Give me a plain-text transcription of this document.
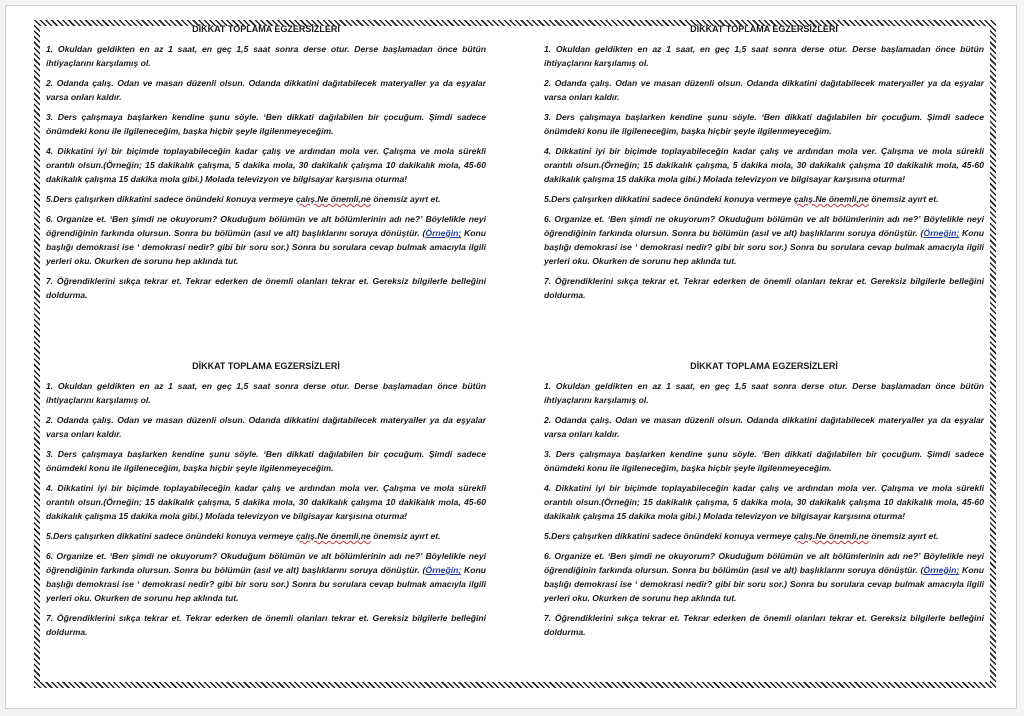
DİKKAT TOPLAMA EGZERSİZLERİ

1. Okuldan geldikten en az 1 saat, en geç 1,5 saat sonra derse otur. Derse başlamadan önce bütün ihtiyaçlarını karşılamış ol.

2. Odanda çalış. Odan ve masan düzenli olsun. Odanda dikkatini dağıtabilecek materyaller ya da eşyalar varsa onları kaldır.

3. Ders çalışmaya başlarken kendine şunu söyle. ‘Ben dikkati dağılabilen bir çocuğum. Şimdi sadece önümdeki konu ile ilgileneceğim, başka hiçbir şeyle ilgilenmeyeceğim.

4. Dikkatini iyi bir biçimde toplayabileceğin kadar çalış ve ardından mola ver. Çalışma ve mola sürekli orantılı olsun.(Örneğin; 15 dakikalık çalışma, 5 dakika mola, 30 dakikalık çalışma 10 dakikalık mola, 45-60 dakikalık çalışma 15 dakika mola gibi.) Molada televizyon ve bilgisayar karşısına oturma!

5.Ders çalışırken dikkatini sadece önündeki konuya vermeye çalış.Ne önemli,ne önemsiz ayırt et.

6. Organize et. ‘Ben şimdi ne okuyorum? Okuduğum bölümün ve alt bölümlerinin adı ne?’ Böylelikle neyi öğrendiğinin farkında olursun. Sonra bu bölümün (asıl ve alt) başlıklarını soruya dönüştür. (Örneğin; Konu başlığı demokrasi ise ‘ demokrasi nedir? gibi bir soru sor.) Sonra bu sorulara cevap bulmak amacıyla ilgili yerleri oku. Okurken de sorunu hep aklında tut.

7. Öğrendiklerini sıkça tekrar et. Tekrar ederken de önemli olanları tekrar et. Gereksiz bilgilerle belleğini doldurma.

DİKKAT TOPLAMA EGZERSİZLERİ

1. Okuldan geldikten en az 1 saat, en geç 1,5 saat sonra derse otur. Derse başlamadan önce bütün ihtiyaçlarını karşılamış ol.

2. Odanda çalış. Odan ve masan düzenli olsun. Odanda dikkatini dağıtabilecek materyaller ya da eşyalar varsa onları kaldır.

3. Ders çalışmaya başlarken kendine şunu söyle. ‘Ben dikkati dağılabilen bir çocuğum. Şimdi sadece önümdeki konu ile ilgileneceğim, başka hiçbir şeyle ilgilenmeyeceğim.

4. Dikkatini iyi bir biçimde toplayabileceğin kadar çalış ve ardından mola ver. Çalışma ve mola sürekli orantılı olsun.(Örneğin; 15 dakikalık çalışma, 5 dakika mola, 30 dakikalık çalışma 10 dakikalık mola, 45-60 dakikalık çalışma 15 dakika mola gibi.) Molada televizyon ve bilgisayar karşısına oturma!

5.Ders çalışırken dikkatini sadece önündeki konuya vermeye çalış.Ne önemli,ne önemsiz ayırt et.

6. Organize et. ‘Ben şimdi ne okuyorum? Okuduğum bölümün ve alt bölümlerinin adı ne?’ Böylelikle neyi öğrendiğinin farkında olursun. Sonra bu bölümün (asıl ve alt) başlıklarını soruya dönüştür. (Örneğin; Konu başlığı demokrasi ise ‘ demokrasi nedir? gibi bir soru sor.) Sonra bu sorulara cevap bulmak amacıyla ilgili yerleri oku. Okurken de sorunu hep aklında tut.

7. Öğrendiklerini sıkça tekrar et. Tekrar ederken de önemli olanları tekrar et. Gereksiz bilgilerle belleğini doldurma.

DİKKAT TOPLAMA EGZERSİZLERİ

1. Okuldan geldikten en az 1 saat, en geç 1,5 saat sonra derse otur. Derse başlamadan önce bütün ihtiyaçlarını karşılamış ol.

2. Odanda çalış. Odan ve masan düzenli olsun. Odanda dikkatini dağıtabilecek materyaller ya da eşyalar varsa onları kaldır.

3. Ders çalışmaya başlarken kendine şunu söyle. ‘Ben dikkati dağılabilen bir çocuğum. Şimdi sadece önümdeki konu ile ilgileneceğim, başka hiçbir şeyle ilgilenmeyeceğim.

4. Dikkatini iyi bir biçimde toplayabileceğin kadar çalış ve ardından mola ver. Çalışma ve mola sürekli orantılı olsun.(Örneğin; 15 dakikalık çalışma, 5 dakika mola, 30 dakikalık çalışma 10 dakikalık mola, 45-60 dakikalık çalışma 15 dakika mola gibi.) Molada televizyon ve bilgisayar karşısına oturma!

5.Ders çalışırken dikkatini sadece önündeki konuya vermeye çalış.Ne önemli,ne önemsiz ayırt et.

6. Organize et. ‘Ben şimdi ne okuyorum? Okuduğum bölümün ve alt bölümlerinin adı ne?’ Böylelikle neyi öğrendiğinin farkında olursun. Sonra bu bölümün (asıl ve alt) başlıklarını soruya dönüştür. (Örneğin; Konu başlığı demokrasi ise ‘ demokrasi nedir? gibi bir soru sor.) Sonra bu sorulara cevap bulmak amacıyla ilgili yerleri oku. Okurken de sorunu hep aklında tut.

7. Öğrendiklerini sıkça tekrar et. Tekrar ederken de önemli olanları tekrar et. Gereksiz bilgilerle belleğini doldurma.

DİKKAT TOPLAMA EGZERSİZLERİ

1. Okuldan geldikten en az 1 saat, en geç 1,5 saat sonra derse otur. Derse başlamadan önce bütün ihtiyaçlarını karşılamış ol.

2. Odanda çalış. Odan ve masan düzenli olsun. Odanda dikkatini dağıtabilecek materyaller ya da eşyalar varsa onları kaldır.

3. Ders çalışmaya başlarken kendine şunu söyle. ‘Ben dikkati dağılabilen bir çocuğum. Şimdi sadece önümdeki konu ile ilgileneceğim, başka hiçbir şeyle ilgilenmeyeceğim.

4. Dikkatini iyi bir biçimde toplayabileceğin kadar çalış ve ardından mola ver. Çalışma ve mola sürekli orantılı olsun.(Örneğin; 15 dakikalık çalışma, 5 dakika mola, 30 dakikalık çalışma 10 dakikalık mola, 45-60 dakikalık çalışma 15 dakika mola gibi.) Molada televizyon ve bilgisayar karşısına oturma!

5.Ders çalışırken dikkatini sadece önündeki konuya vermeye çalış.Ne önemli,ne önemsiz ayırt et.

6. Organize et. ‘Ben şimdi ne okuyorum? Okuduğum bölümün ve alt bölümlerinin adı ne?’ Böylelikle neyi öğrendiğinin farkında olursun. Sonra bu bölümün (asıl ve alt) başlıklarını soruya dönüştür. (Örneğin; Konu başlığı demokrasi ise ‘ demokrasi nedir? gibi bir soru sor.) Sonra bu sorulara cevap bulmak amacıyla ilgili yerleri oku. Okurken de sorunu hep aklında tut.

7. Öğrendiklerini sıkça tekrar et. Tekrar ederken de önemli olanları tekrar et. Gereksiz bilgilerle belleğini doldurma.
